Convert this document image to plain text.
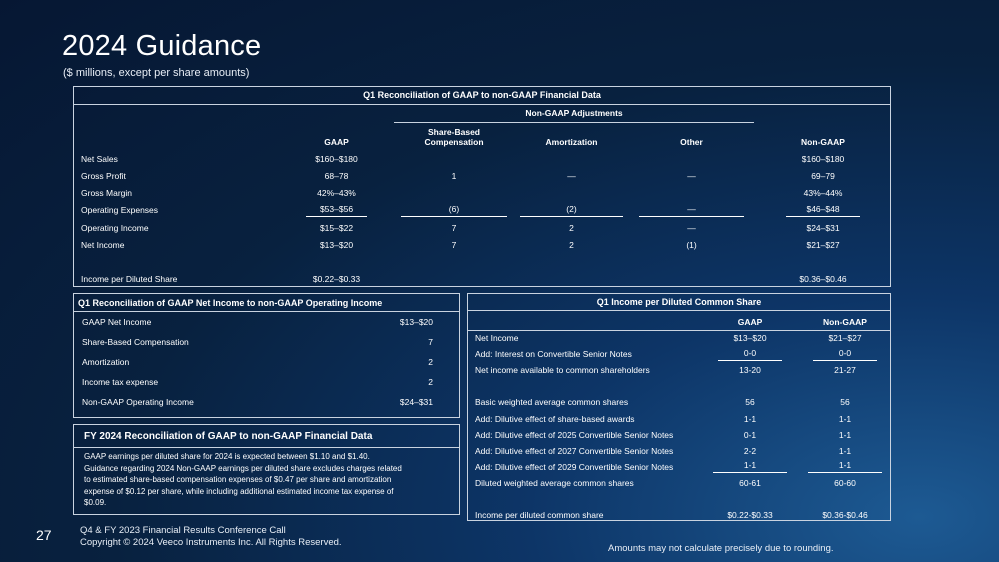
2024 Guidance
($ millions, except per share amounts)
Q1 Reconciliation of GAAP to non-GAAP Financial Data
		Non-GAAP Adjustments			
	GAAP	Share-Based
Compensation	Amortization	Other	Non-GAAP
Net Sales	$160–$180				$160–$180
Gross Profit	68–78	1	—	—	69–79
Gross Margin	42%–43%				43%–44%
Operating Expenses	$53–$56	(6)	(2)	—	$46–$48
Operating Income	$15–$22	7	2	—	$24–$31
Net Income	$13–$20	7	2	(1)	$21–$27

Income per Diluted Share	$0.22–$0.33				$0.36–$0.46
Q1 Reconciliation of GAAP Net Income to non-GAAP Operating Income
GAAP Net Income	$13–$20
Share-Based Compensation	7
Amortization	2
Income tax expense	2
Non-GAAP Operating Income	$24–$31
FY 2024 Reconciliation of GAAP to non-GAAP Financial Data
GAAP earnings per diluted share for 2024 is expected between $1.10 and $1.40.
Guidance regarding 2024 Non-GAAP earnings per diluted share excludes charges related
to estimated share-based compensation expenses of $0.47 per share and amortization
expense of $0.12 per share, while including additional estimated income tax expense of
$0.09.
Q1 Income per Diluted Common Share
	GAAP	Non-GAAP
Net Income	$13–$20	$21–$27
Add: Interest on Convertible Senior Notes	0-0	0-0
Net income available to common shareholders	13-20	21-27

Basic weighted average common shares	56	56
Add: Dilutive effect of share-based awards	1-1	1-1
Add: Dilutive effect of 2025 Convertible Senior Notes	0-1	1-1
Add: Dilutive effect of 2027 Convertible Senior Notes	2-2	1-1
Add: Dilutive effect of 2029 Convertible Senior Notes	1-1	1-1
Diluted weighted average common shares	60-61	60-60

Income per diluted common share	$0.22-$0.33	$0.36-$0.46
27	Q4 & FY 2023 Financial Results Conference Call
Copyright © 2024 Veeco Instruments Inc. All Rights Reserved.
Amounts may not calculate precisely due to rounding.
